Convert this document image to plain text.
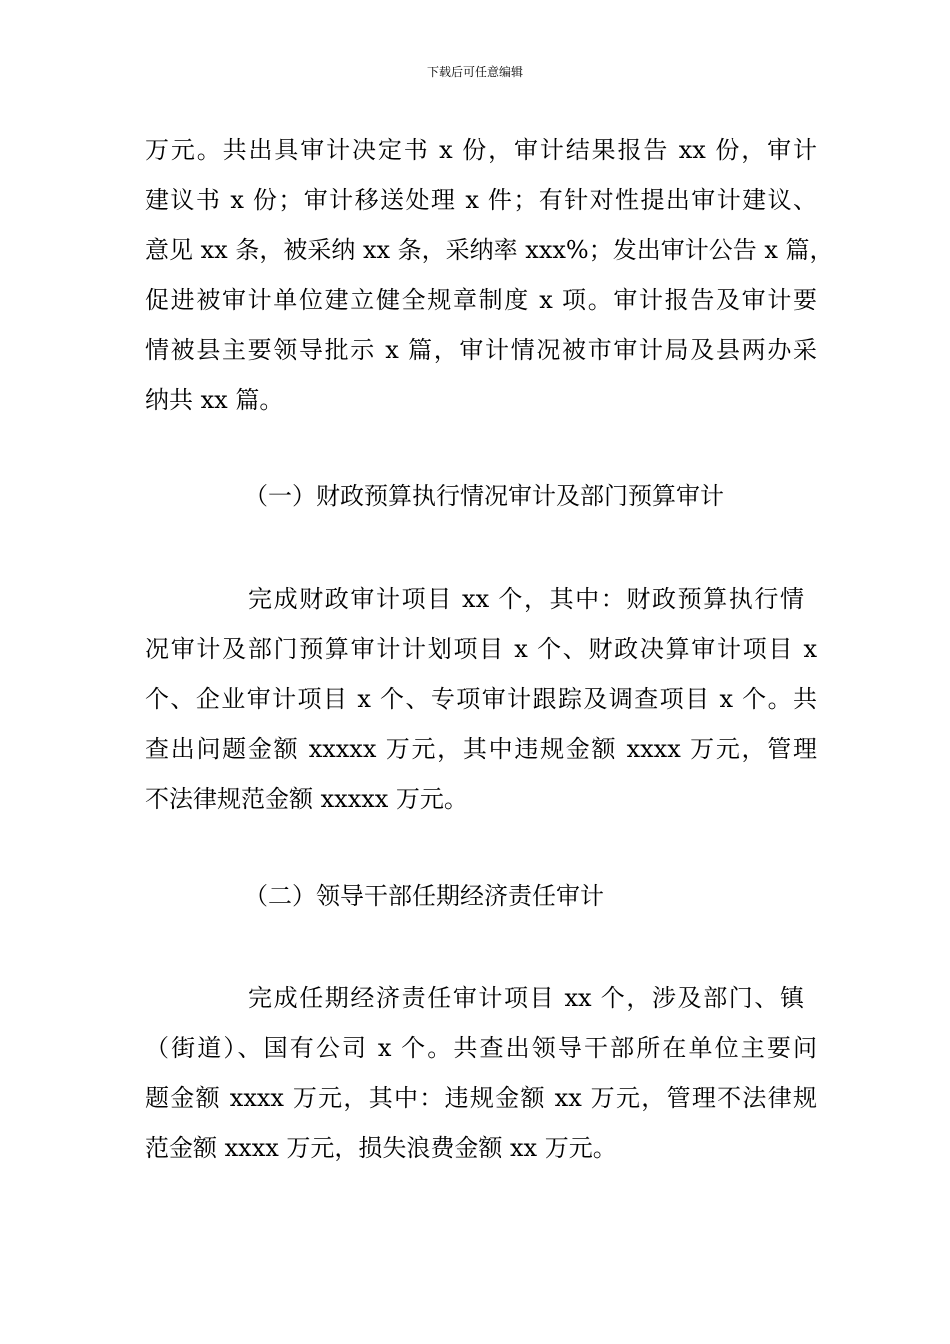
下载后可任意编辑
万元。共出具审计决定书 x 份，审计结果报告 xx 份，审计
建议书 x 份；审计移送处理 x 件；有针对性提出审计建议、
意见 xx 条，被采纳 xx 条，采纳率 xxx%；发出审计公告 x 篇，
促进被审计单位建立健全规章制度 x 项。审计报告及审计要
情被县主要领导批示 x 篇，审计情况被市审计局及县两办采
纳共 xx 篇。
（一）财政预算执行情况审计及部门预算审计
完成财政审计项目 xx 个，其中：财政预算执行情
况审计及部门预算审计计划项目 x 个、财政决算审计项目 x
个、企业审计项目 x 个、专项审计跟踪及调查项目 x 个。共
查出问题金额 xxxxx 万元，其中违规金额 xxxx 万元，管理
不法律规范金额 xxxxx 万元。
（二）领导干部任期经济责任审计
完成任期经济责任审计项目 xx 个，涉及部门、镇
（街道）、国有公司 x 个。共查出领导干部所在单位主要问
题金额 xxxx 万元，其中：违规金额 xx 万元，管理不法律规
范金额 xxxx 万元，损失浪费金额 xx 万元。
